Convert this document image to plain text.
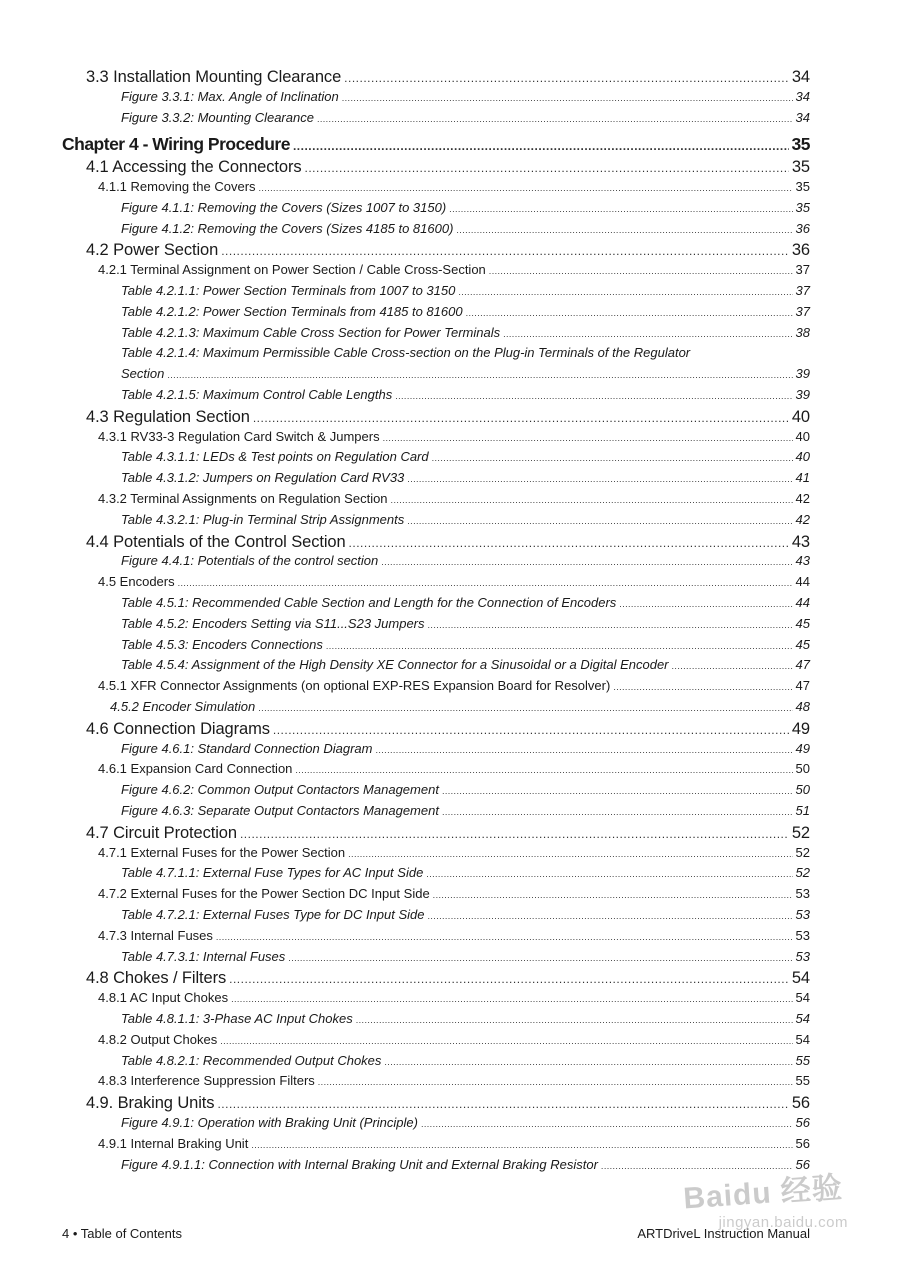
3.3 Installation Mounting Clearance .....	34
Figure 3.3.1: Max. Angle of Inclination .....	34
Figure 3.3.2: Mounting Clearance .....	34
Chapter 4 - Wiring Procedure .....	35
4.1 Accessing the Connectors .....	35
4.1.1 Removing the Covers .....	35
Figure 4.1.1: Removing the Covers (Sizes 1007 to 3150) .....	35
Figure 4.1.2: Removing the Covers (Sizes 4185 to 81600) .....	36
4.2 Power Section .....	36
4.2.1 Terminal Assignment on Power Section / Cable Cross-Section .....	37
Table 4.2.1.1: Power Section Terminals from 1007 to 3150 .....	37
Table 4.2.1.2: Power Section Terminals from 4185 to 81600 .....	37
Table 4.2.1.3: Maximum Cable Cross Section for Power Terminals .....	38
Table 4.2.1.4: Maximum Permissible Cable Cross-section on the Plug-in Terminals of the Regulator
Section .....	39
Table 4.2.1.5: Maximum Control Cable Lengths .....	39
4.3 Regulation Section .....	40
4.3.1 RV33-3 Regulation Card Switch & Jumpers .....	40
Table 4.3.1.1: LEDs & Test points on Regulation Card .....	40
Table 4.3.1.2: Jumpers on Regulation Card RV33 .....	41
4.3.2 Terminal Assignments on Regulation Section .....	42
Table 4.3.2.1: Plug-in Terminal Strip Assignments .....	42
4.4 Potentials of the Control Section .....	43
Figure 4.4.1: Potentials of the control section .....	43
4.5 Encoders .....	44
Table 4.5.1: Recommended Cable Section and Length for the Connection of Encoders .....	44
Table 4.5.2: Encoders Setting via S11...S23 Jumpers .....	45
Table 4.5.3: Encoders Connections .....	45
Table 4.5.4: Assignment of the High Density XE Connector for a Sinusoidal or a Digital Encoder .....	47
4.5.1 XFR Connector Assignments (on optional EXP-RES Expansion Board for Resolver) .....	47
4.5.2 Encoder Simulation .....	48
4.6 Connection Diagrams .....	49
Figure 4.6.1: Standard Connection Diagram .....	49
4.6.1 Expansion Card Connection .....	50
Figure 4.6.2: Common Output Contactors Management .....	50
Figure 4.6.3: Separate Output Contactors Management .....	51
4.7 Circuit Protection .....	52
4.7.1 External Fuses for the Power Section .....	52
Table 4.7.1.1: External Fuse Types for AC Input Side .....	52
4.7.2 External Fuses for the Power Section DC Input Side .....	53
Table 4.7.2.1: External Fuses Type for DC Input Side .....	53
4.7.3 Internal Fuses .....	53
Table 4.7.3.1: Internal Fuses .....	53
4.8 Chokes / Filters .....	54
4.8.1 AC Input Chokes .....	54
Table 4.8.1.1: 3-Phase AC Input Chokes .....	54
4.8.2 Output Chokes .....	54
Table 4.8.2.1: Recommended Output Chokes .....	55
4.8.3 Interference Suppression Filters .....	55
4.9. Braking Units .....	56
Figure 4.9.1: Operation with Braking Unit (Principle) .....	56
4.9.1 Internal Braking Unit .....	56
Figure 4.9.1.1: Connection with Internal Braking Unit and External Braking Resistor .....	56
4 • Table of Contents	ARTDriveL Instruction Manual
Baidu 经验
jingyan.baidu.com
